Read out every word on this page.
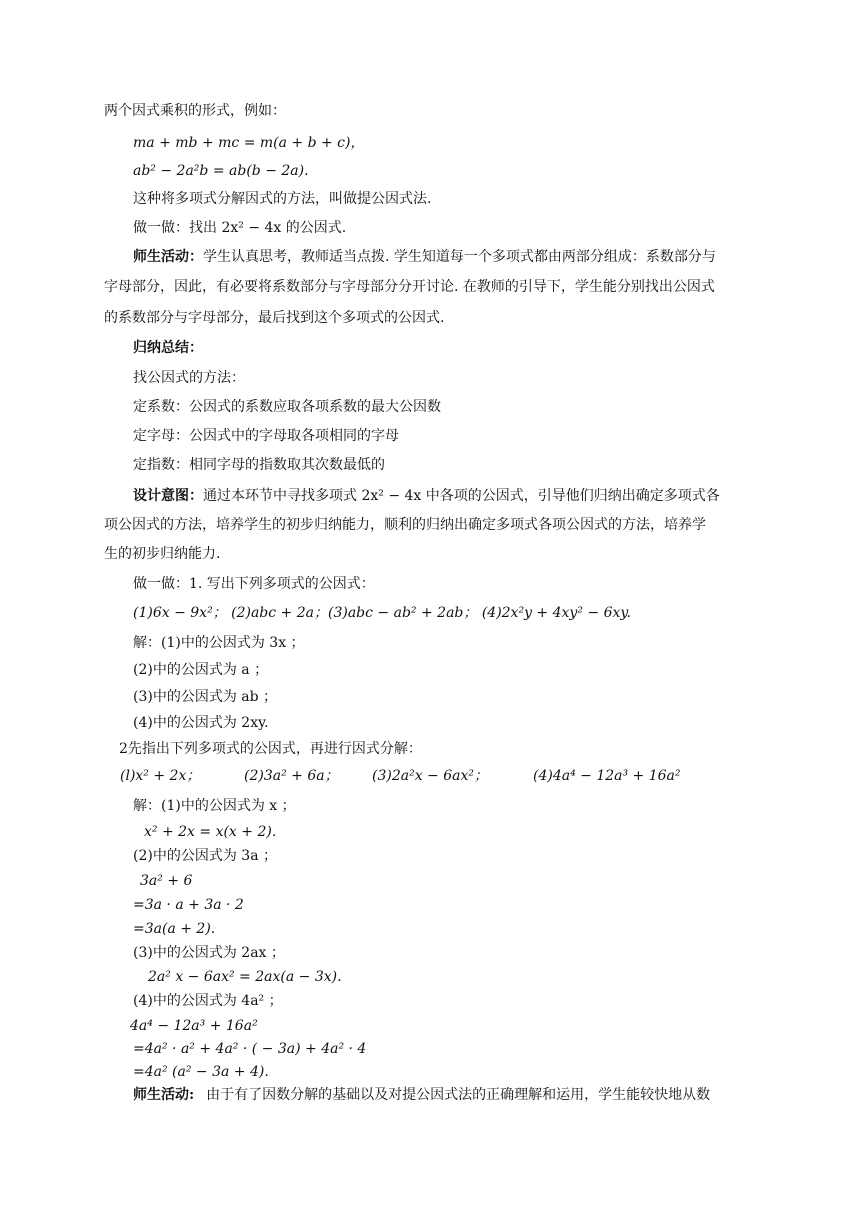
两个因式乘积的形式，例如：
ma + mb + mc = m(a + b + c)，
ab² − 2a²b = ab(b − 2a).
这种将多项式分解因式的方法，叫做提公因式法.
做一做：找出 2x² − 4x 的公因式.
师生活动：学生认真思考，教师适当点拨. 学生知道每一个多项式都由两部分组成：系数部分与
字母部分，因此，有必要将系数部分与字母部分分开讨论. 在教师的引导下，学生能分别找出公因式
的系数部分与字母部分，最后找到这个多项式的公因式.
归纳总结：
找公因式的方法：
定系数：公因式的系数应取各项系数的最大公因数
定字母：公因式中的字母取各项相同的字母
定指数：相同字母的指数取其次数最低的
设计意图：通过本环节中寻找多项式 2x² − 4x 中各项的公因式，引导他们归纳出确定多项式各
项公因式的方法，培养学生的初步归纳能力，顺利的归纳出确定多项式各项公因式的方法，培养学
生的初步归纳能力.
做一做：1. 写出下列多项式的公因式：
(1)6x − 9x²； (2)abc + 2a；(3)abc − ab² + 2ab； (4)2x²y + 4xy² − 6xy.
解：(1)中的公因式为 3x ；
(2)中的公因式为 a ；
(3)中的公因式为 ab ；
(4)中的公因式为 2xy.
2先指出下列多项式的公因式，再进行因式分解：
(l)x² + 2x；	(2)3a² + 6a； (3)2a²x − 6ax²；	(4)4a⁴ − 12a³ + 16a²
解：(1)中的公因式为 x ；
x² + 2x = x(x + 2).
(2)中的公因式为 3a ；
3a² + 6
=3a · a + 3a · 2
=3a(a + 2).
(3)中的公因式为 2ax ；
2a² x − 6ax² = 2ax(a − 3x).
(4)中的公因式为 4a² ；
4a⁴ − 12a³ + 16a²
=4a² · a² + 4a² · ( − 3a) + 4a² · 4
=4a² (a² − 3a + 4).
师生活动: 由于有了因数分解的基础以及对提公因式法的正确理解和运用，学生能较快地从数
